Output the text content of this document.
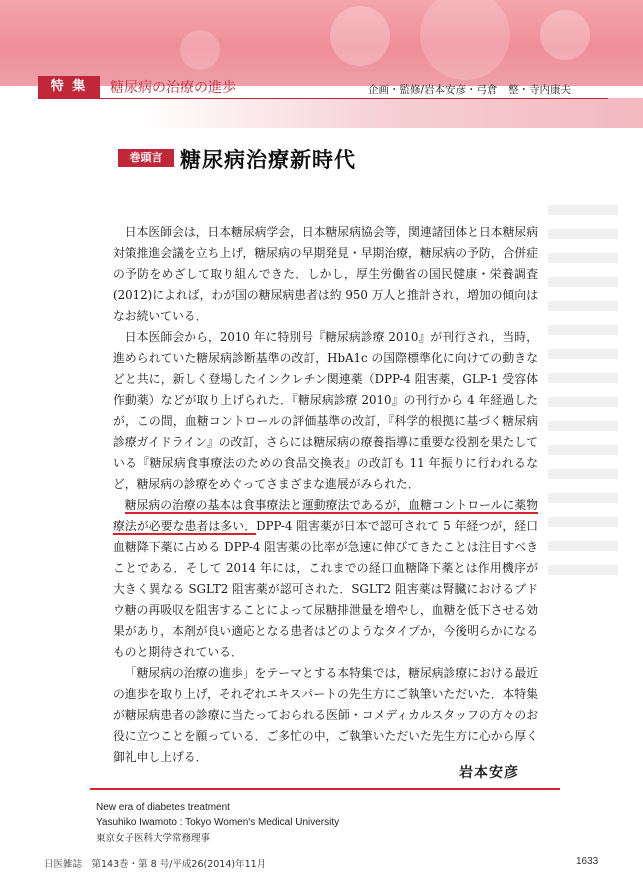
特 集	糖尿病の治療の進歩	企画・監修/岩本安彦・弓倉　整・寺内康夫
巻頭言 糖尿病治療新時代

日本医師会は，日本糖尿病学会，日本糖尿病協会等，関連諸団体と日本糖尿病対策推進会議を立ち上げ，糖尿病の早期発見・早期治療，糖尿病の予防，合併症の予防をめざして取り組んできた．しかし，厚生労働省の国民健康・栄養調査(2012)によれば，わが国の糖尿病患者は約 950 万人と推計され，増加の傾向はなお続いている．

日本医師会から，2010 年に特別号『糖尿病診療 2010』が刊行され，当時，進められていた糖尿病診断基準の改訂，HbA1c の国際標準化に向けての動きなどと共に，新しく登場したインクレチン関連薬（DPP-4 阻害薬，GLP-1 受容体作動薬）などが取り上げられた．『糖尿病診療 2010』の刊行から 4 年経過したが，この間，血糖コントロールの評価基準の改訂，『科学的根拠に基づく糖尿病診療ガイドライン』の改訂，さらには糖尿病の療養指導に重要な役割を果たしている『糖尿病食事療法のための食品交換表』の改訂も 11 年振りに行われるなど，糖尿病の診療をめぐってさまざまな進展がみられた．

糖尿病の治療の基本は食事療法と運動療法であるが，血糖コントロールに薬物療法が必要な患者は多い．DPP-4 阻害薬が日本で認可されて 5 年経つが，経口血糖降下薬に占める DPP-4 阻害薬の比率が急速に伸びてきたことは注目すべきことである．そして 2014 年には，これまでの経口血糖降下薬とは作用機序が大きく異なる SGLT2 阻害薬が認可された．SGLT2 阻害薬は腎臓におけるブドウ糖の再吸収を阻害することによって尿糖排泄量を増やし，血糖を低下させる効果があり，本剤が良い適応となる患者はどのようなタイプか，今後明らかになるものと期待されている．

「糖尿病の治療の進歩」をテーマとする本特集では，糖尿病診療における最近の進歩を取り上げ，それぞれエキスパートの先生方にご執筆いただいた．本特集が糖尿病患者の診療に当たっておられる医師・コメディカルスタッフの方々のお役に立つことを願っている．ご多忙の中，ご執筆いただいた先生方に心から厚く御礼申し上げる．

岩本安彦
New era of diabetes treatment
Yasuhiko Iwamoto : Tokyo Women's Medical University
東京女子医科大学常務理事
日医雑誌　第143巻・第 8 号/平成26(2014)年11月	1633
